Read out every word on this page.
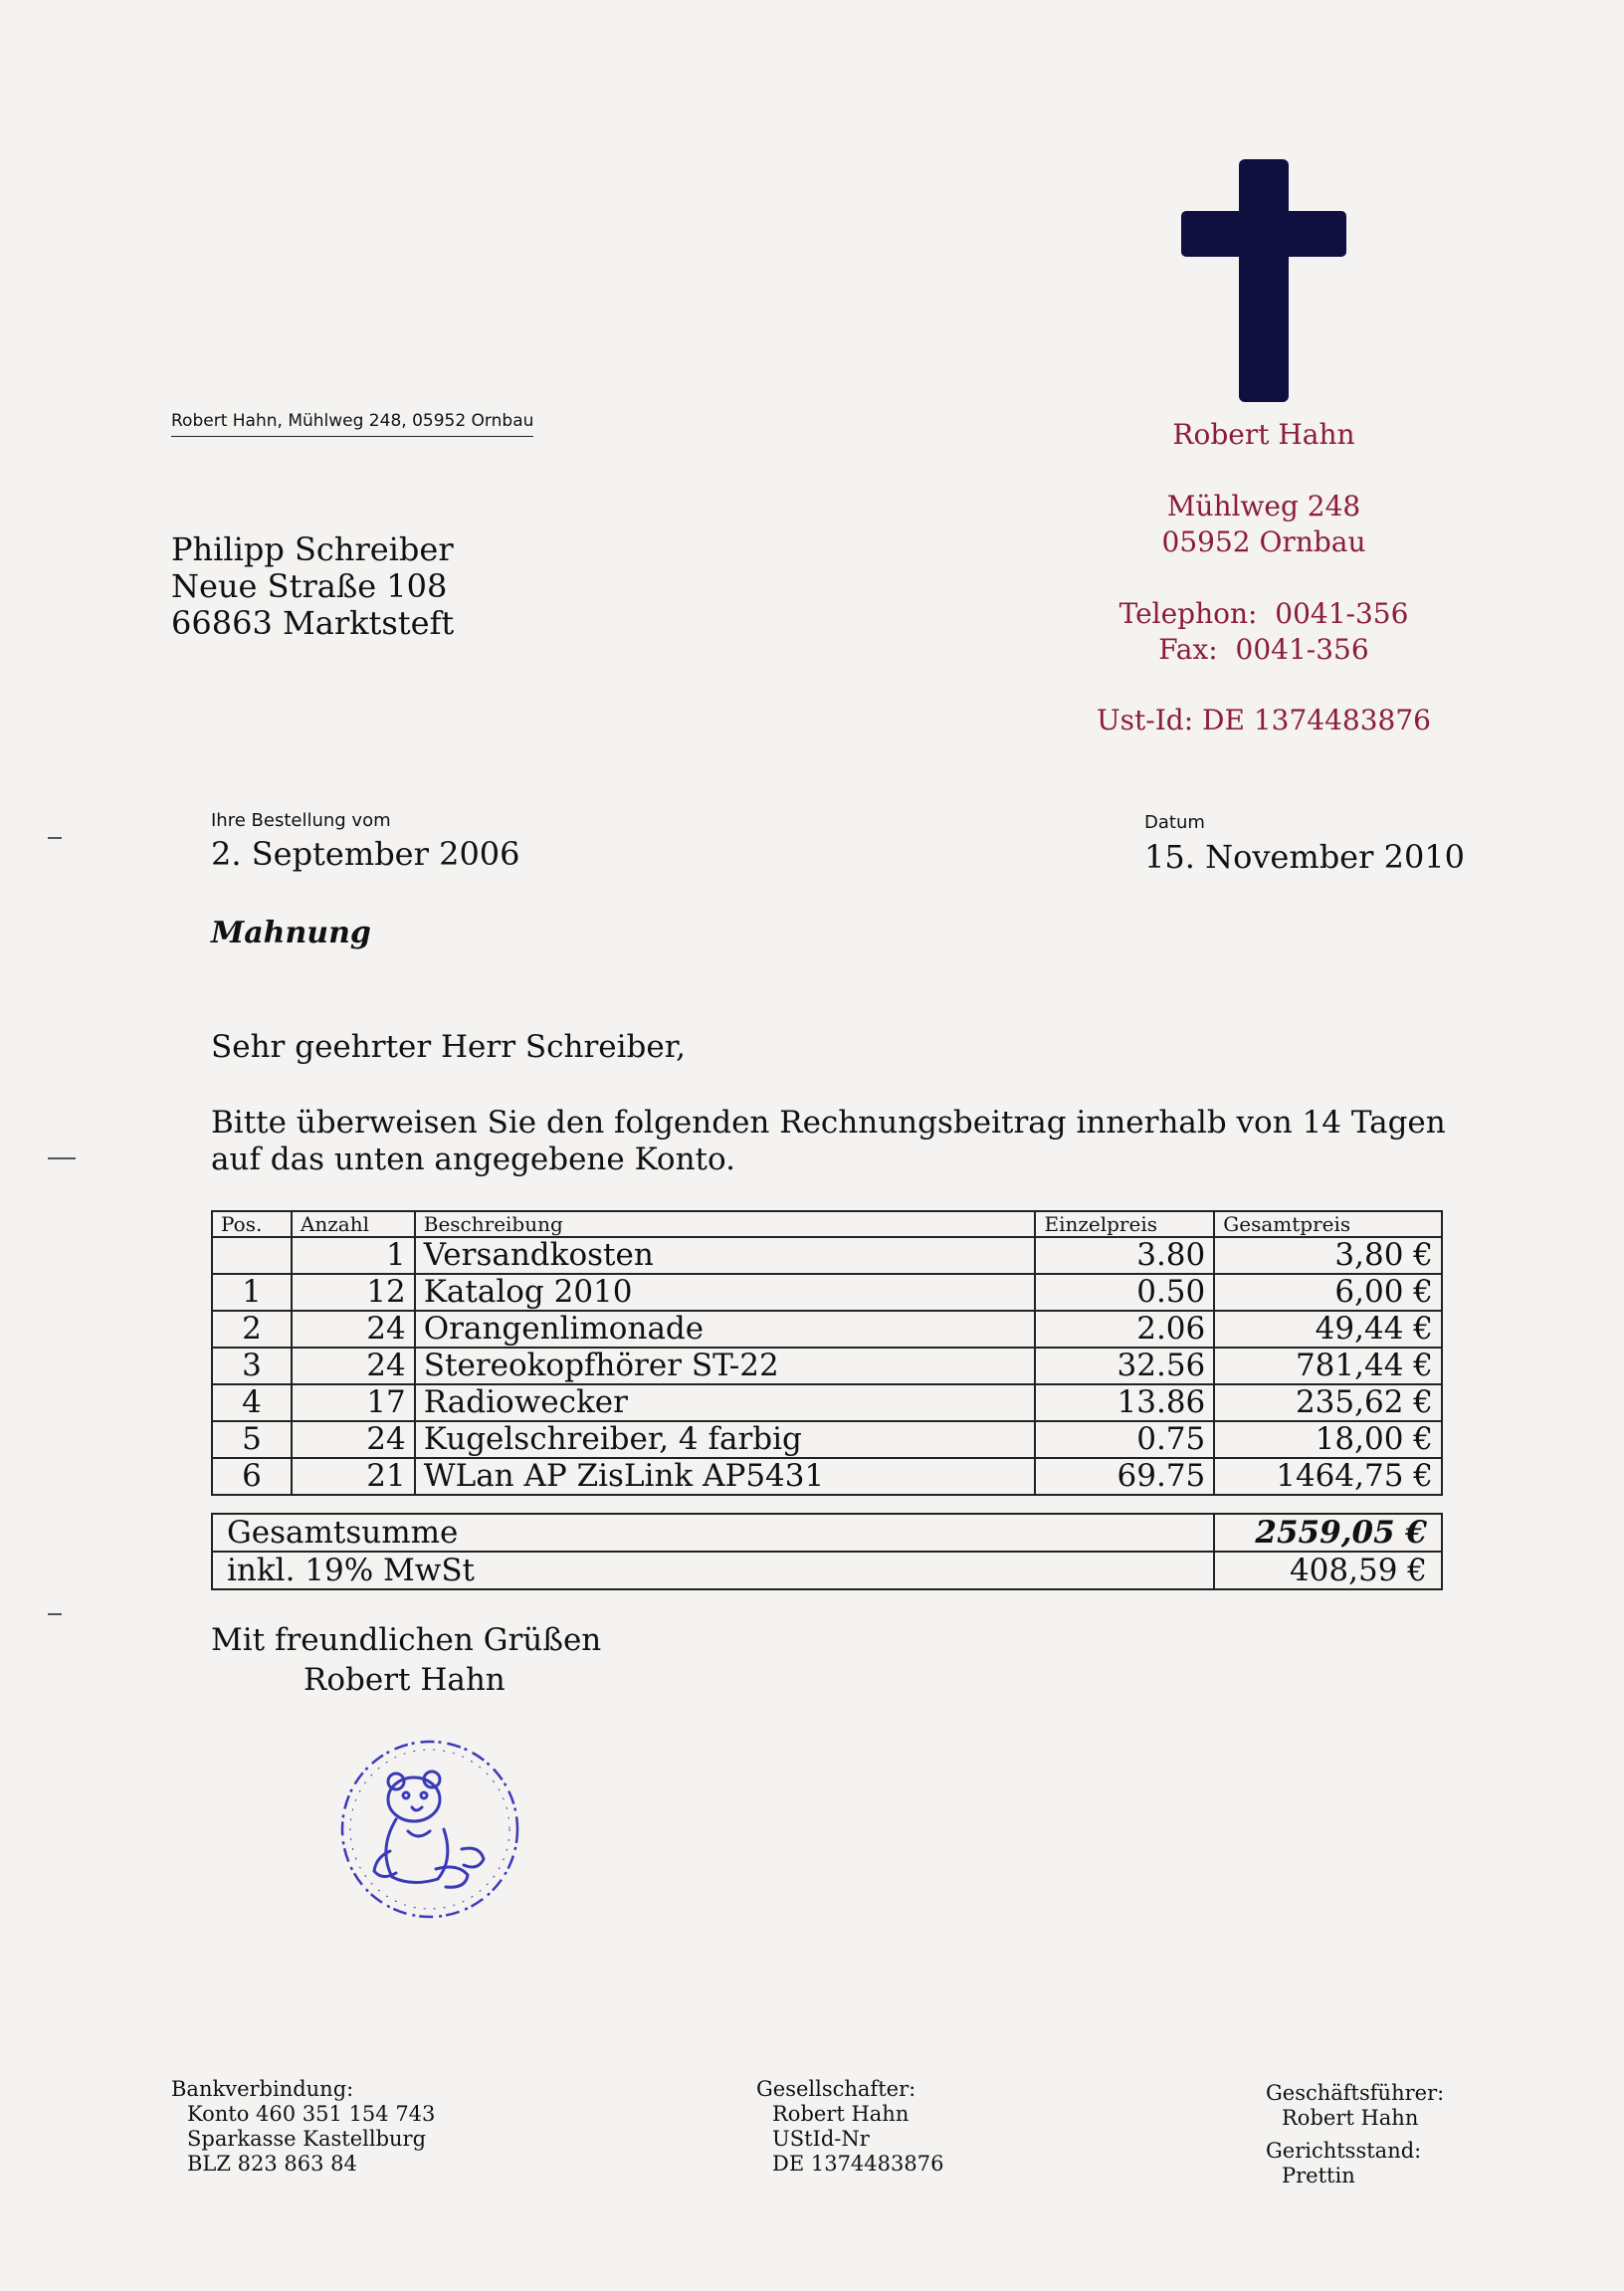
Robert Hahn, Mühlweg 248, 05952 Ornbau	Robert Hahn
Mühlweg 248
05952 Ornbau
Telephon:  0041-356
Fax:  0041-356
Ust-Id: DE 1374483876
Philipp Schreiber
Neue Straße 108
66863 Marktsteft
Ihre Bestellung vom
2. September 2006
Datum
15. November 2010
Mahnung
Sehr geehrter Herr Schreiber,
Bitte überweisen Sie den folgenden Rechnungsbeitrag innerhalb von 14 Tagen
auf das unten angegebene Konto.
Pos.	Anzahl	Beschreibung	Einzelpreis	Gesamtpreis
	1	Versandkosten	3.80	3,80 €
1	12	Katalog 2010	0.50	6,00 €
2	24	Orangenlimonade	2.06	49,44 €
3	24	Stereokopfhörer ST-22	32.56	781,44 €
4	17	Radiowecker	13.86	235,62 €
5	24	Kugelschreiber, 4 farbig	0.75	18,00 €
6	21	WLan AP ZisLink AP5431	69.75	1464,75 €
Gesamtsumme	2559,05 €
inkl. 19% MwSt	408,59 €
Mit freundlichen Grüßen
Robert Hahn
Bankverbindung:
Konto 460 351 154 743
Sparkasse Kastellburg
BLZ 823 863 84
Gesellschafter:
Robert Hahn
UStId-Nr
DE 1374483876
Geschäftsführer:
Robert Hahn
Gerichtsstand:
Prettin
